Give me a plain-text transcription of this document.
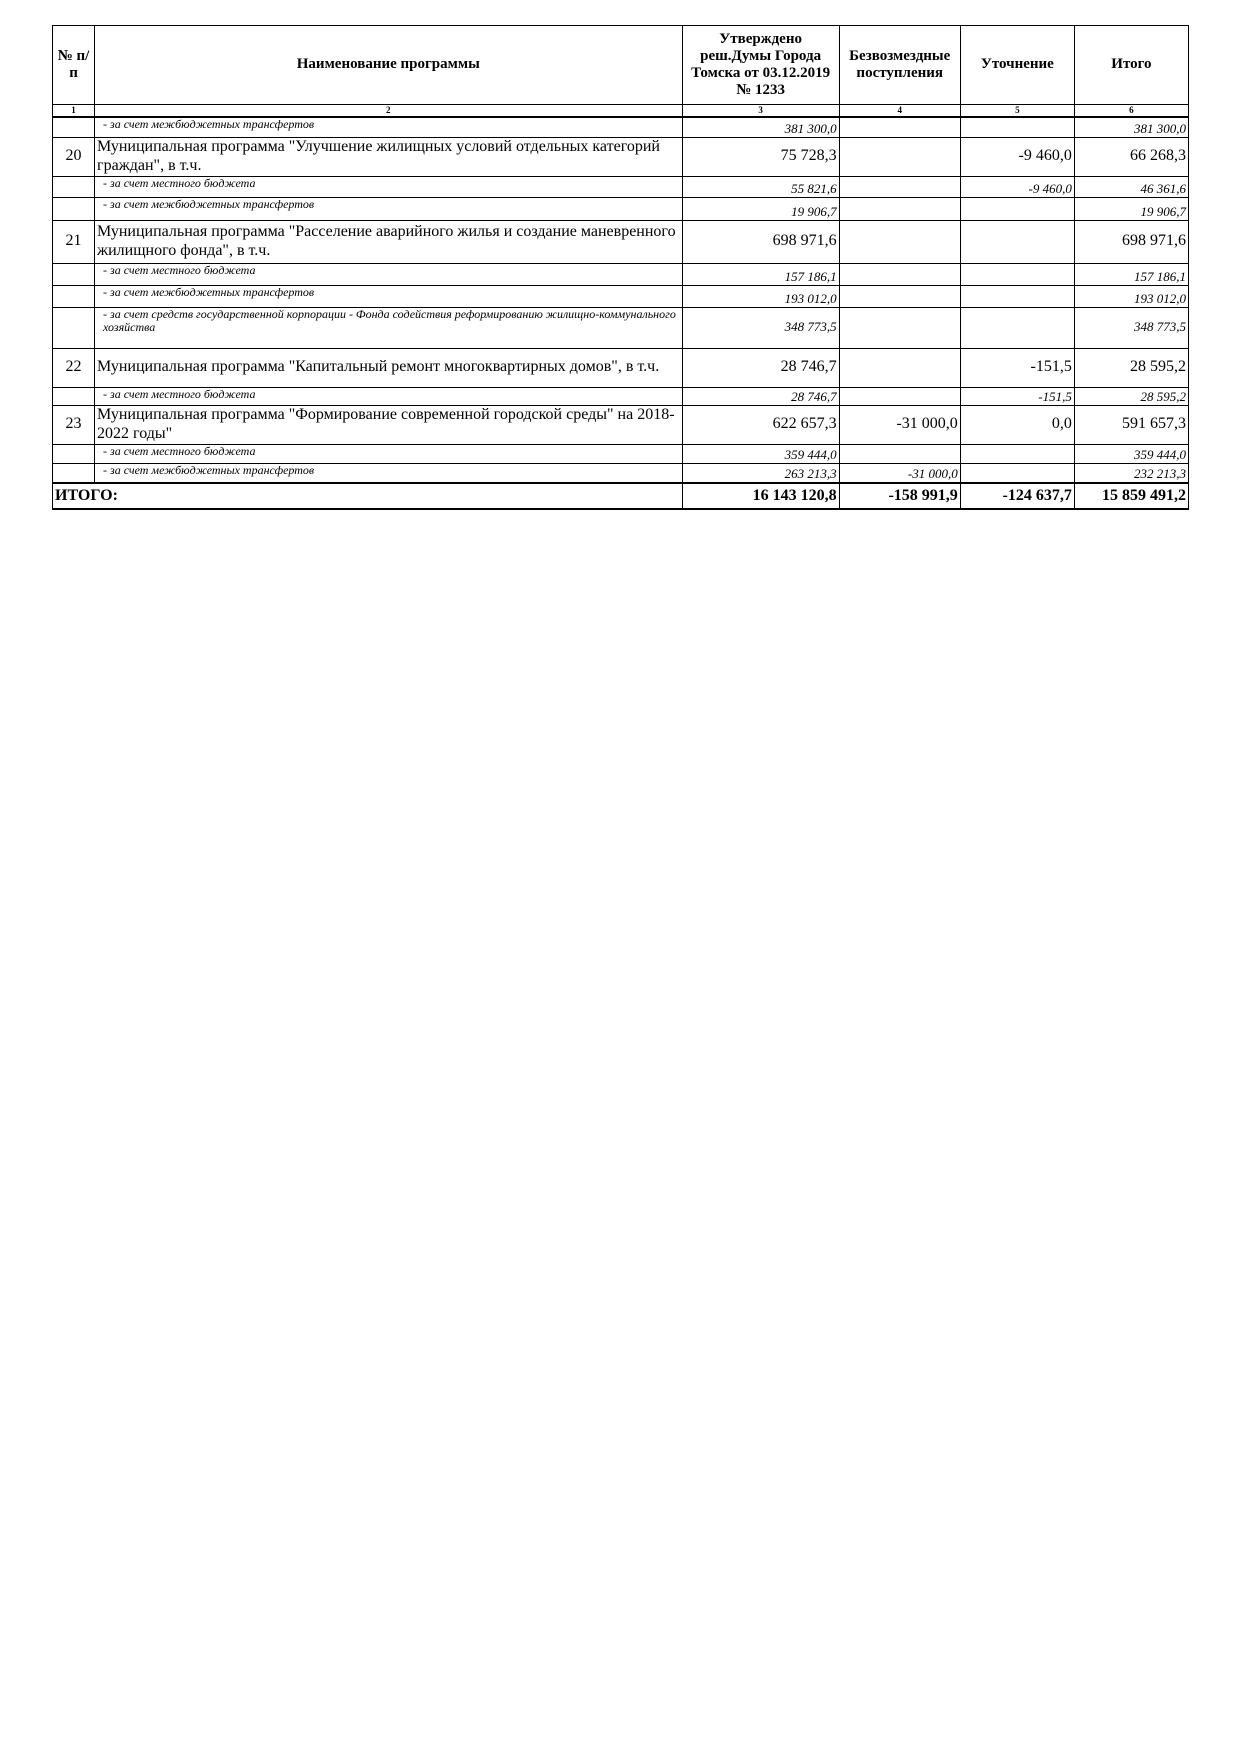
№ п/п	Наименование программы	Утверждено реш.Думы Города Томска от 03.12.2019 № 1233	Безвозмездные поступления	Уточнение	Итого
1	2	3	4	5	6
	- за счет межбюджетных трансфертов	381 300,0			381 300,0
20	Муниципальная программа "Улучшение жилищных условий отдельных категорий граждан", в т.ч.	75 728,3		-9 460,0	66 268,3
	- за счет местного бюджета	55 821,6		-9 460,0	46 361,6
	- за счет межбюджетных трансфертов	19 906,7			19 906,7
21	Муниципальная программа "Расселение аварийного жилья и создание маневренного жилищного фонда", в т.ч.	698 971,6			698 971,6
	- за счет местного бюджета	157 186,1			157 186,1
	- за счет межбюджетных трансфертов	193 012,0			193 012,0
	- за счет средств государственной корпорации - Фонда содействия реформированию жилищно-коммунального хозяйства	348 773,5			348 773,5
22	Муниципальная программа "Капитальный ремонт многоквартирных домов", в т.ч.	28 746,7		-151,5	28 595,2
	- за счет местного бюджета	28 746,7		-151,5	28 595,2
23	Муниципальная программа "Формирование современной городской среды" на 2018-2022 годы"	622 657,3	-31 000,0	0,0	591 657,3
	- за счет местного бюджета	359 444,0			359 444,0
	- за счет межбюджетных трансфертов	263 213,3	-31 000,0		232 213,3
ИТОГО:		16 143 120,8	-158 991,9	-124 637,7	15 859 491,2
